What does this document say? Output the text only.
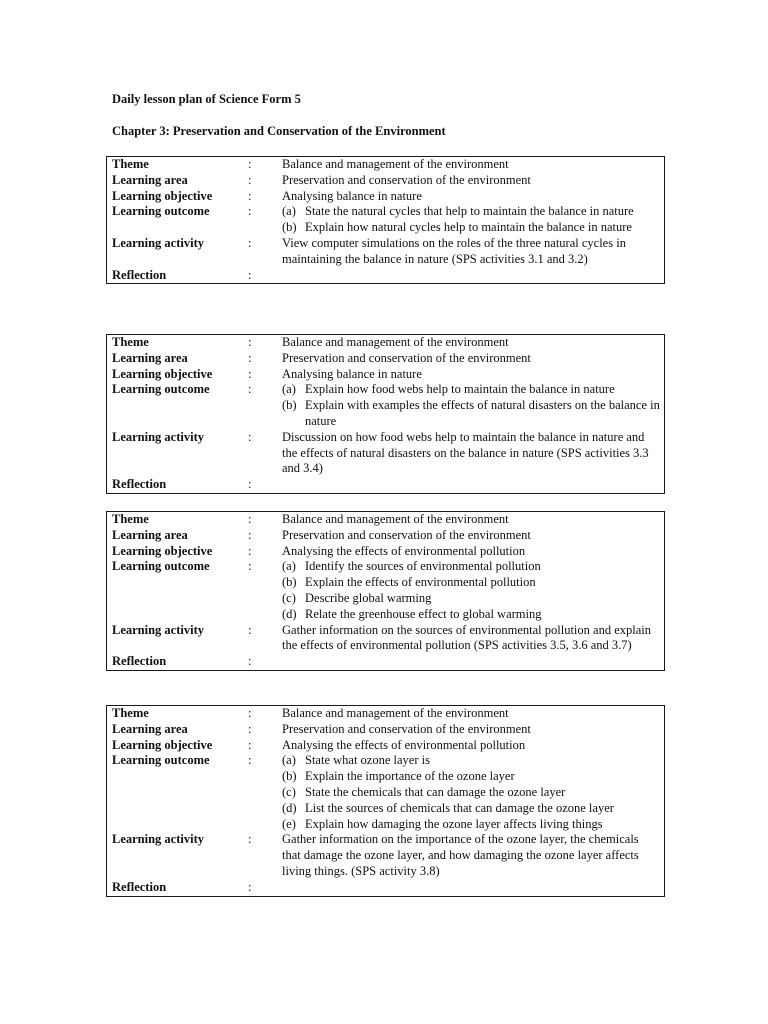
Daily lesson plan of Science Form 5
Chapter 3: Preservation and Conservation of the Environment
Theme	:	Balance and management of the environment
Learning area	:	Preservation and conservation of the environment
Learning objective	:	Analysing balance in nature
Learning outcome	:	(a) State the natural cycles that help to maintain the balance in nature
(b) Explain how natural cycles help to maintain the balance in nature
Learning activity	:	View computer simulations on the roles of the three natural cycles in maintaining the balance in nature (SPS activities 3.1 and 3.2)
Reflection	:
Theme	:	Balance and management of the environment
Learning area	:	Preservation and conservation of the environment
Learning objective	:	Analysing balance in nature
Learning outcome	:	(a) Explain how food webs help to maintain the balance in nature
(b) Explain with examples the effects of natural disasters on the balance in nature
Learning activity	:	Discussion on how food webs help to maintain the balance in nature and the effects of natural disasters on the balance in nature (SPS activities 3.3 and 3.4)
Reflection	:
Theme	:	Balance and management of the environment
Learning area	:	Preservation and conservation of the environment
Learning objective	:	Analysing the effects of environmental pollution
Learning outcome	:	(a) Identify the sources of environmental pollution
(b) Explain the effects of environmental pollution
(c) Describe global warming
(d) Relate the greenhouse effect to global warming
Learning activity	:	Gather information on the sources of environmental pollution and explain the effects of environmental pollution (SPS activities 3.5, 3.6 and 3.7)
Reflection	:
Theme	:	Balance and management of the environment
Learning area	:	Preservation and conservation of the environment
Learning objective	:	Analysing the effects of environmental pollution
Learning outcome	:	(a) State what ozone layer is
(b) Explain the importance of the ozone layer
(c) State the chemicals that can damage the ozone layer
(d) List the sources of chemicals that can damage the ozone layer
(e) Explain how damaging the ozone layer affects living things
Learning activity	:	Gather information on the importance of the ozone layer, the chemicals that damage the ozone layer, and how damaging the ozone layer affects living things. (SPS activity 3.8)
Reflection	:
